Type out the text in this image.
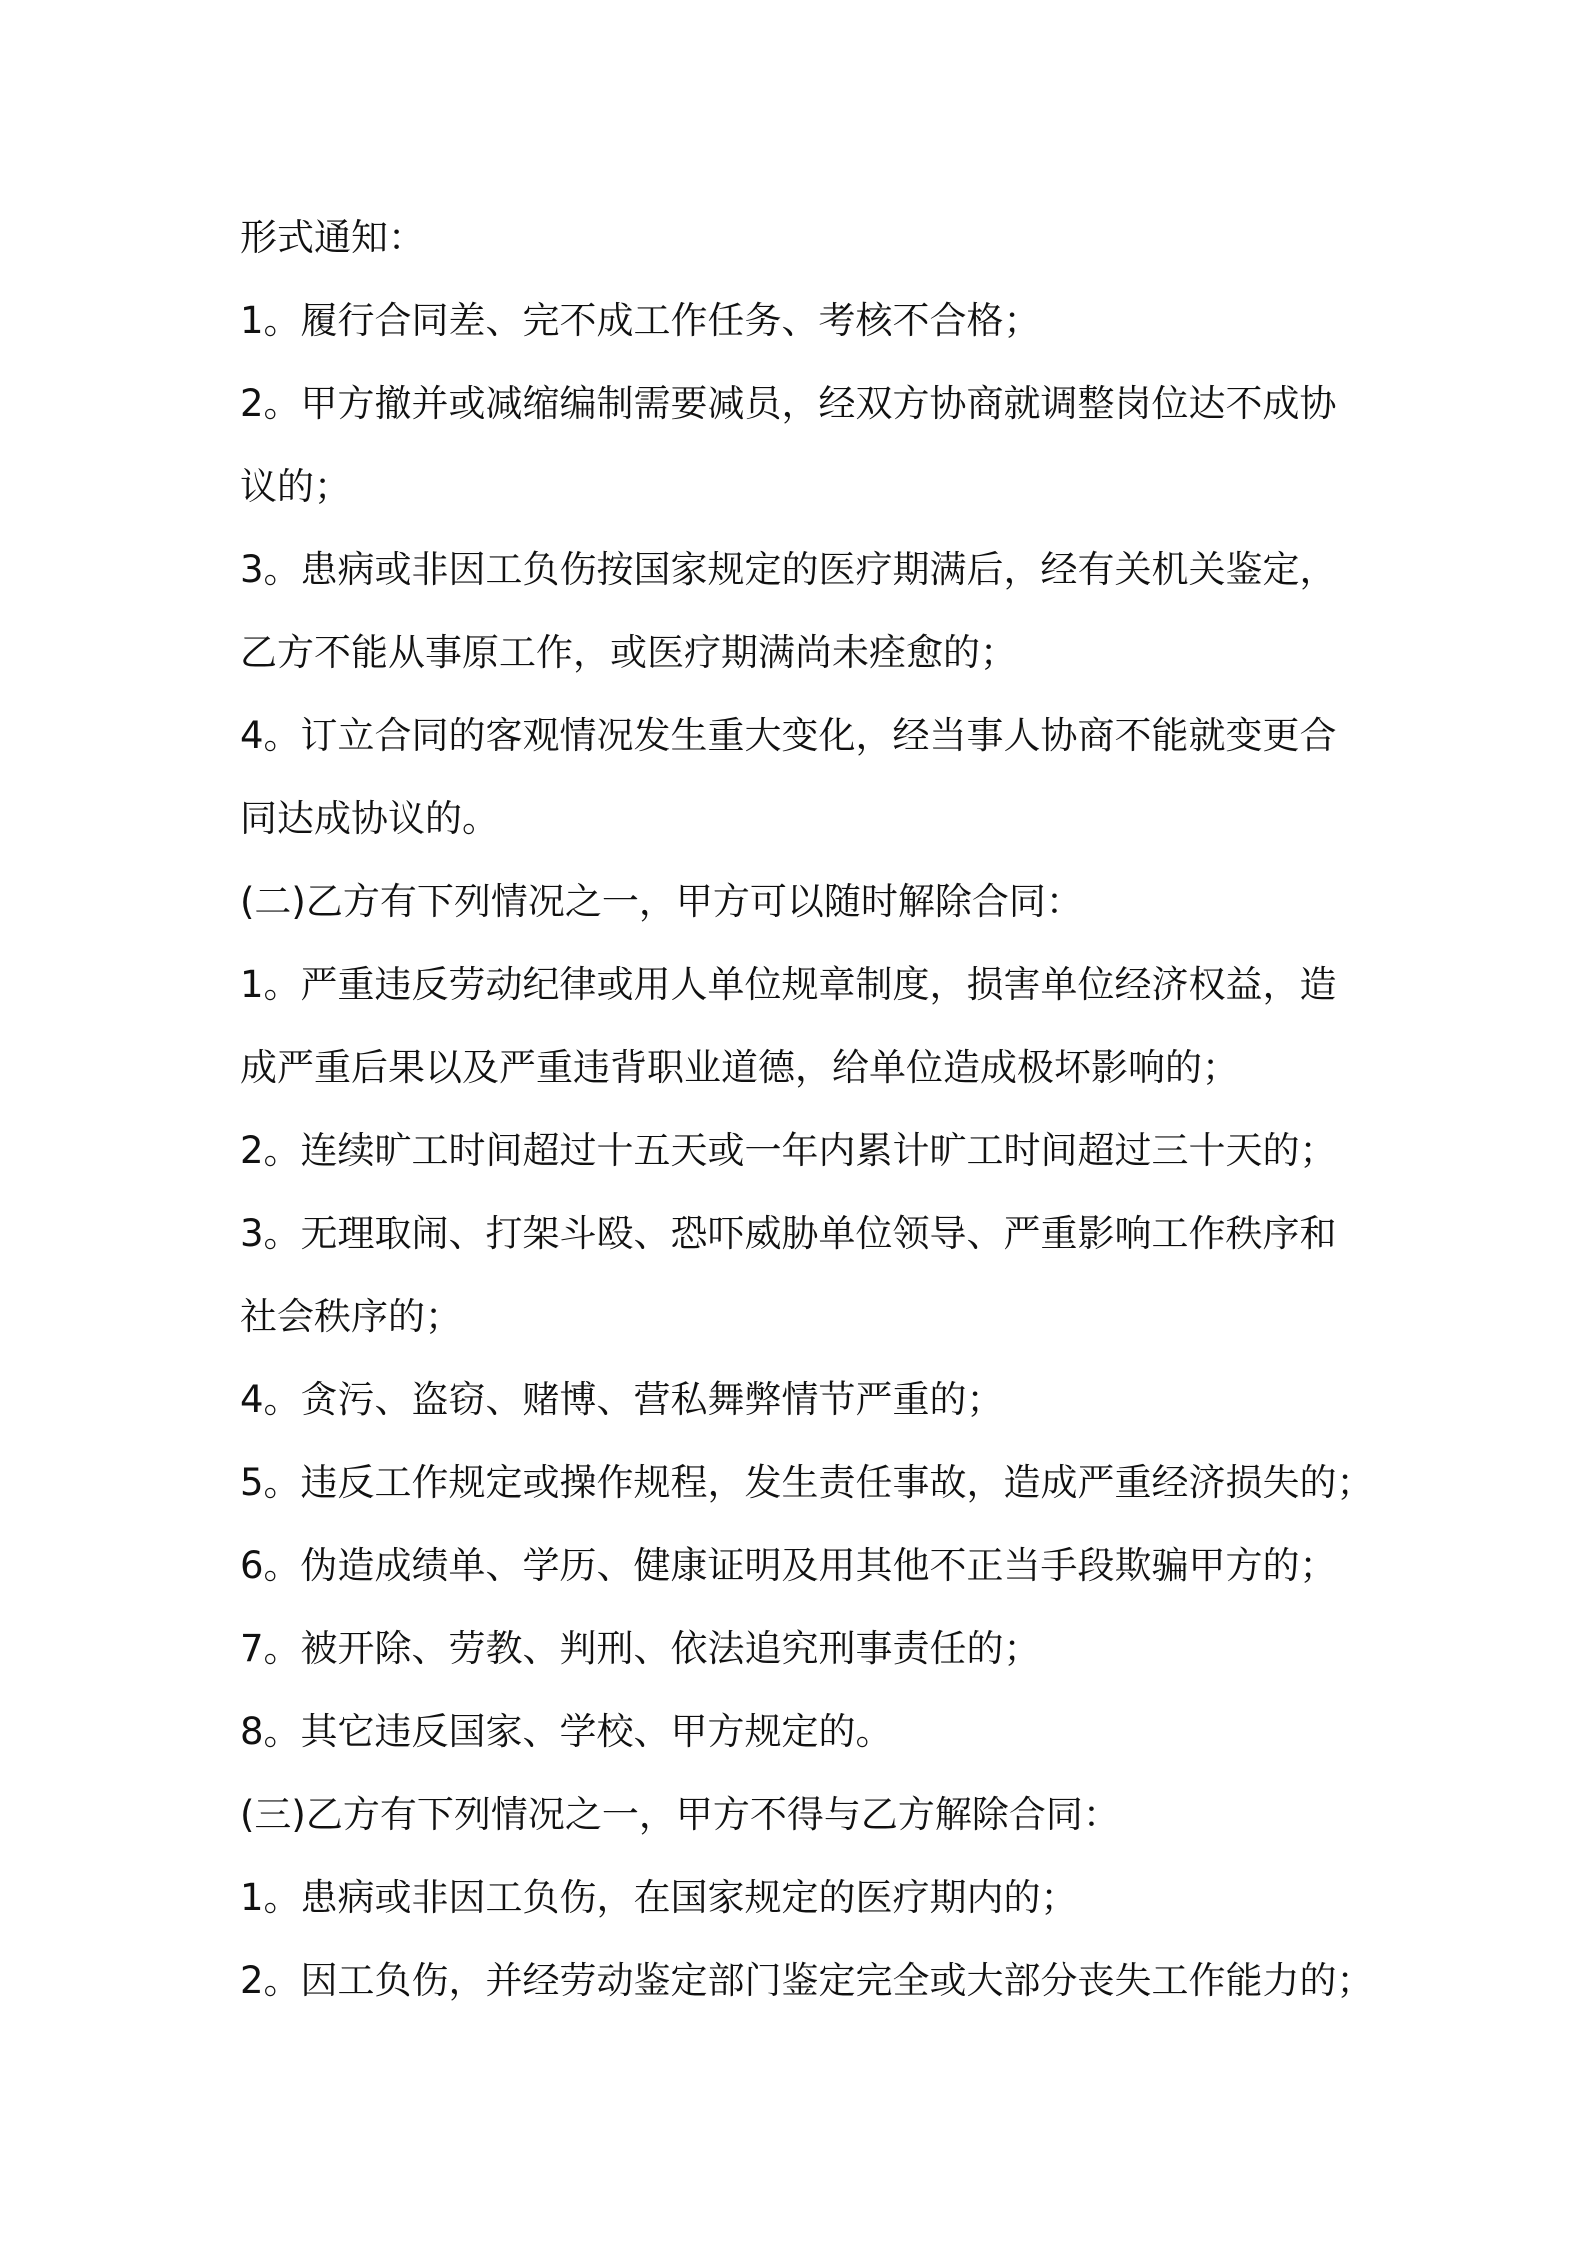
形式通知：
1。履行合同差、完不成工作任务、考核不合格；
2。甲方撤并或减缩编制需要减员，经双方协商就调整岗位达不成协
议的；
3。患病或非因工负伤按国家规定的医疗期满后，经有关机关鉴定，
乙方不能从事原工作，或医疗期满尚未痊愈的；
4。订立合同的客观情况发生重大变化，经当事人协商不能就变更合
同达成协议的。
(二)乙方有下列情况之一，甲方可以随时解除合同：
1。严重违反劳动纪律或用人单位规章制度，损害单位经济权益，造
成严重后果以及严重违背职业道德，给单位造成极坏影响的；
2。连续旷工时间超过十五天或一年内累计旷工时间超过三十天的；
3。无理取闹、打架斗殴、恐吓威胁单位领导、严重影响工作秩序和
社会秩序的；
4。贪污、盗窃、赌博、营私舞弊情节严重的；
5。违反工作规定或操作规程，发生责任事故，造成严重经济损失的；
6。伪造成绩单、学历、健康证明及用其他不正当手段欺骗甲方的；
7。被开除、劳教、判刑、依法追究刑事责任的；
8。其它违反国家、学校、甲方规定的。
(三)乙方有下列情况之一，甲方不得与乙方解除合同：
1。患病或非因工负伤，在国家规定的医疗期内的；
2。因工负伤，并经劳动鉴定部门鉴定完全或大部分丧失工作能力的；
